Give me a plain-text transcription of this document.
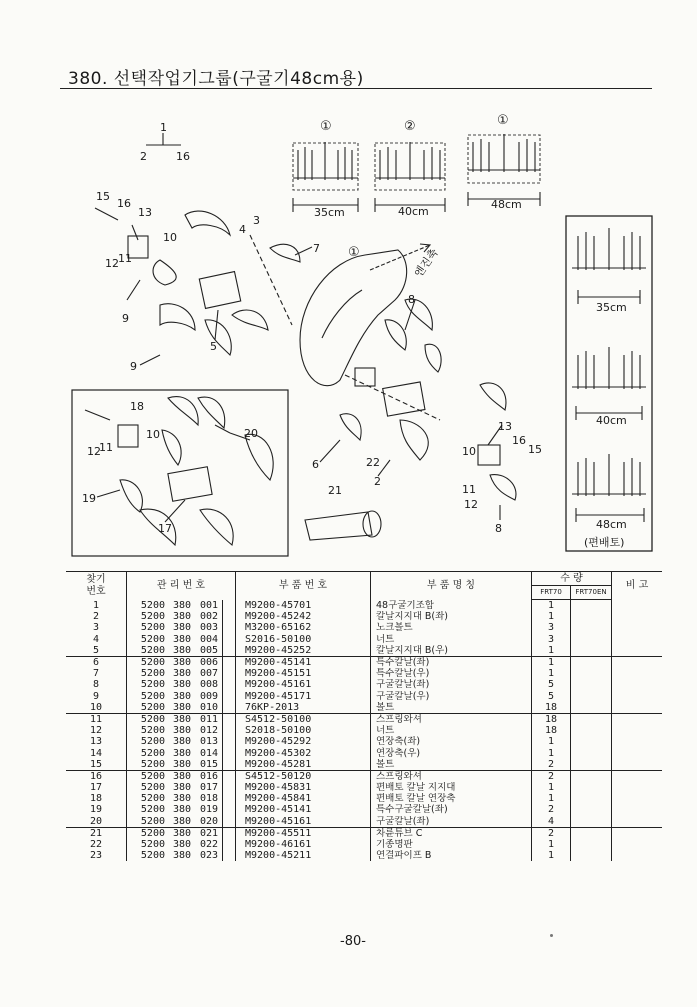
380. 선택작업기그룹(구굴기48cm용)
35cm	40cm
48cm
35cm
40cm
48cm
(편배토)
엔진축
①	②	①
①
1
2	16
15
16
13
10
12 11
9
4
3
7
5
9
8
18
10
12
11
20
19
17
6	22
2
21
13
16
15
10
11
12
8
찾기
번호	관 리 번 호				부 품 번 호	부 품 명 칭	수 량		비 고
							FRT70	FRT70EN	

1	5200	380	001		M9200-45701	48구굴기조합	1		
2	5200	380	002		M9200-45242	칼날지지대 B(좌)	1		
3	5200	380	003		M3200-65162	노크볼트	3		
4	5200	380	004		S2016-50100	너트	3		
5	5200	380	005		M9200-45252	칼날지지대 B(우)	1		
6	5200	380	006		M9200-45141	특수칼날(좌)	1		
7	5200	380	007		M9200-45151	특수칼날(우)	1		
8	5200	380	008		M9200-45161	구굴칼날(좌)	5		
9	5200	380	009		M9200-45171	구굴칼날(우)	5		
10	5200	380	010		76KP-2013	볼트	18		
11	5200	380	011		S4512-50100	스프링와셔	18		
12	5200	380	012		S2018-50100	너트	18		
13	5200	380	013		M9200-45292	연장축(좌)	1		
14	5200	380	014		M9200-45302	연장축(우)	1		
15	5200	380	015		M9200-45281	볼트	2		
16	5200	380	016		S4512-50120	스프링와셔	2		
17	5200	380	017		M9200-45831	편배토 칼날 지지대	1		
18	5200	380	018		M9200-45841	편배토 칼날 연장축	1		
19	5200	380	019		M9200-45141	특수구굴칼날(좌)	2		
20	5200	380	020		M9200-45161	구굴칼날(좌)	4		
21	5200	380	021		M9200-45511	차륜튜브 C	2		
22	5200	380	022		M9200-46161	기종명판	1		
23	5200	380	023		M9200-45211	연결파이프 B	1		
-80-
